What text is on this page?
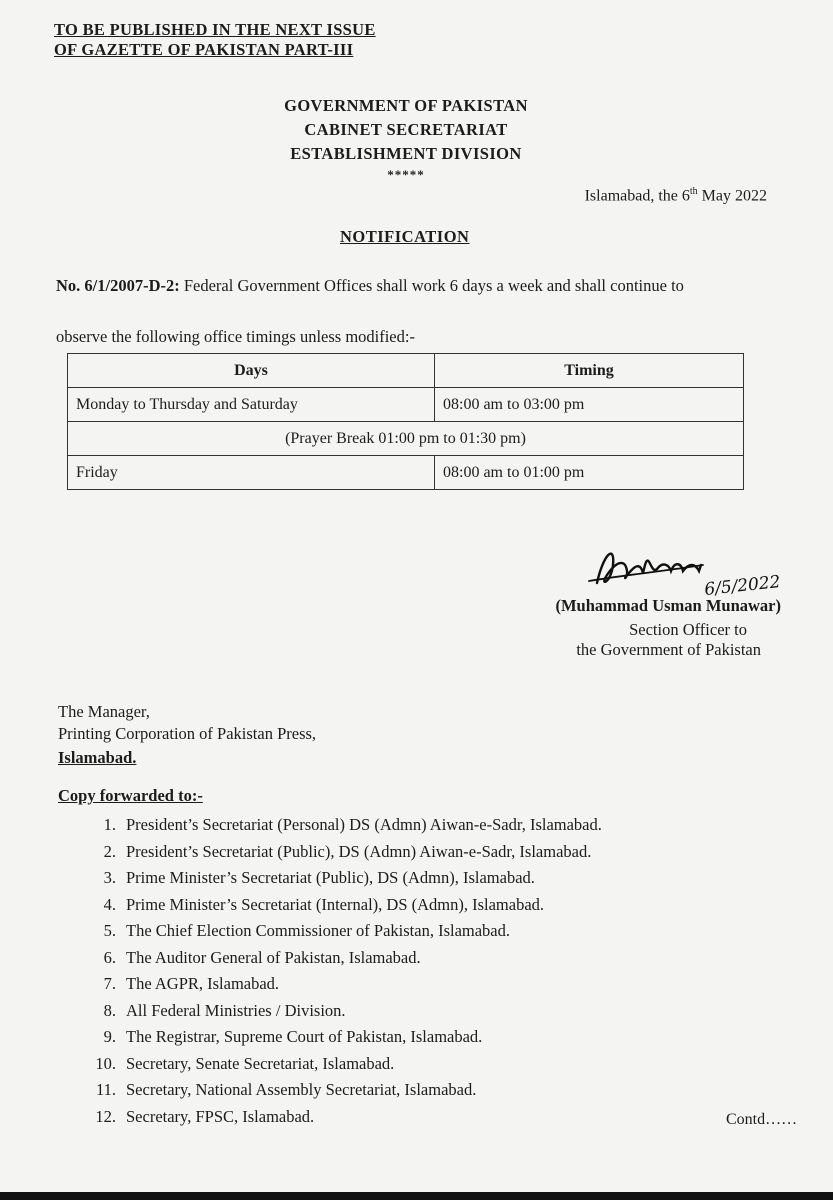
TO BE PUBLISHED IN THE NEXT ISSUE
OF GAZETTE OF PAKISTAN PART-III
GOVERNMENT OF PAKISTAN
CABINET SECRETARIAT
ESTABLISHMENT DIVISION
*****
Islamabad, the 6th May 2022
NOTIFICATION
No. 6/1/2007-D-2: Federal Government Offices shall work 6 days a week and shall continue to
observe the following office timings unless modified:-
Days	Timing
Monday to Thursday and Saturday	08:00 am to 03:00 pm
(Prayer Break 01:00 pm to 01:30 pm)	
Friday	08:00 am to 01:00 pm
6/5/2022
(Muhammad Usman Munawar)
Section Officer to
the Government of Pakistan
The Manager,
Printing Corporation of Pakistan Press,
Islamabad.
Copy forwarded to:-
1. President’s Secretariat (Personal) DS (Admn) Aiwan-e-Sadr, Islamabad.
2. President’s Secretariat (Public), DS (Admn) Aiwan-e-Sadr, Islamabad.
3. Prime Minister’s Secretariat (Public), DS (Admn), Islamabad.
4. Prime Minister’s Secretariat (Internal), DS (Admn), Islamabad.
5. The Chief Election Commissioner of Pakistan, Islamabad.
6. The Auditor General of Pakistan, Islamabad.
7. The AGPR, Islamabad.
8. All Federal Ministries / Division.
9. The Registrar, Supreme Court of Pakistan, Islamabad.
10. Secretary, Senate Secretariat, Islamabad.
11. Secretary, National Assembly Secretariat, Islamabad.
12. Secretary, FPSC, Islamabad.	Contd……
